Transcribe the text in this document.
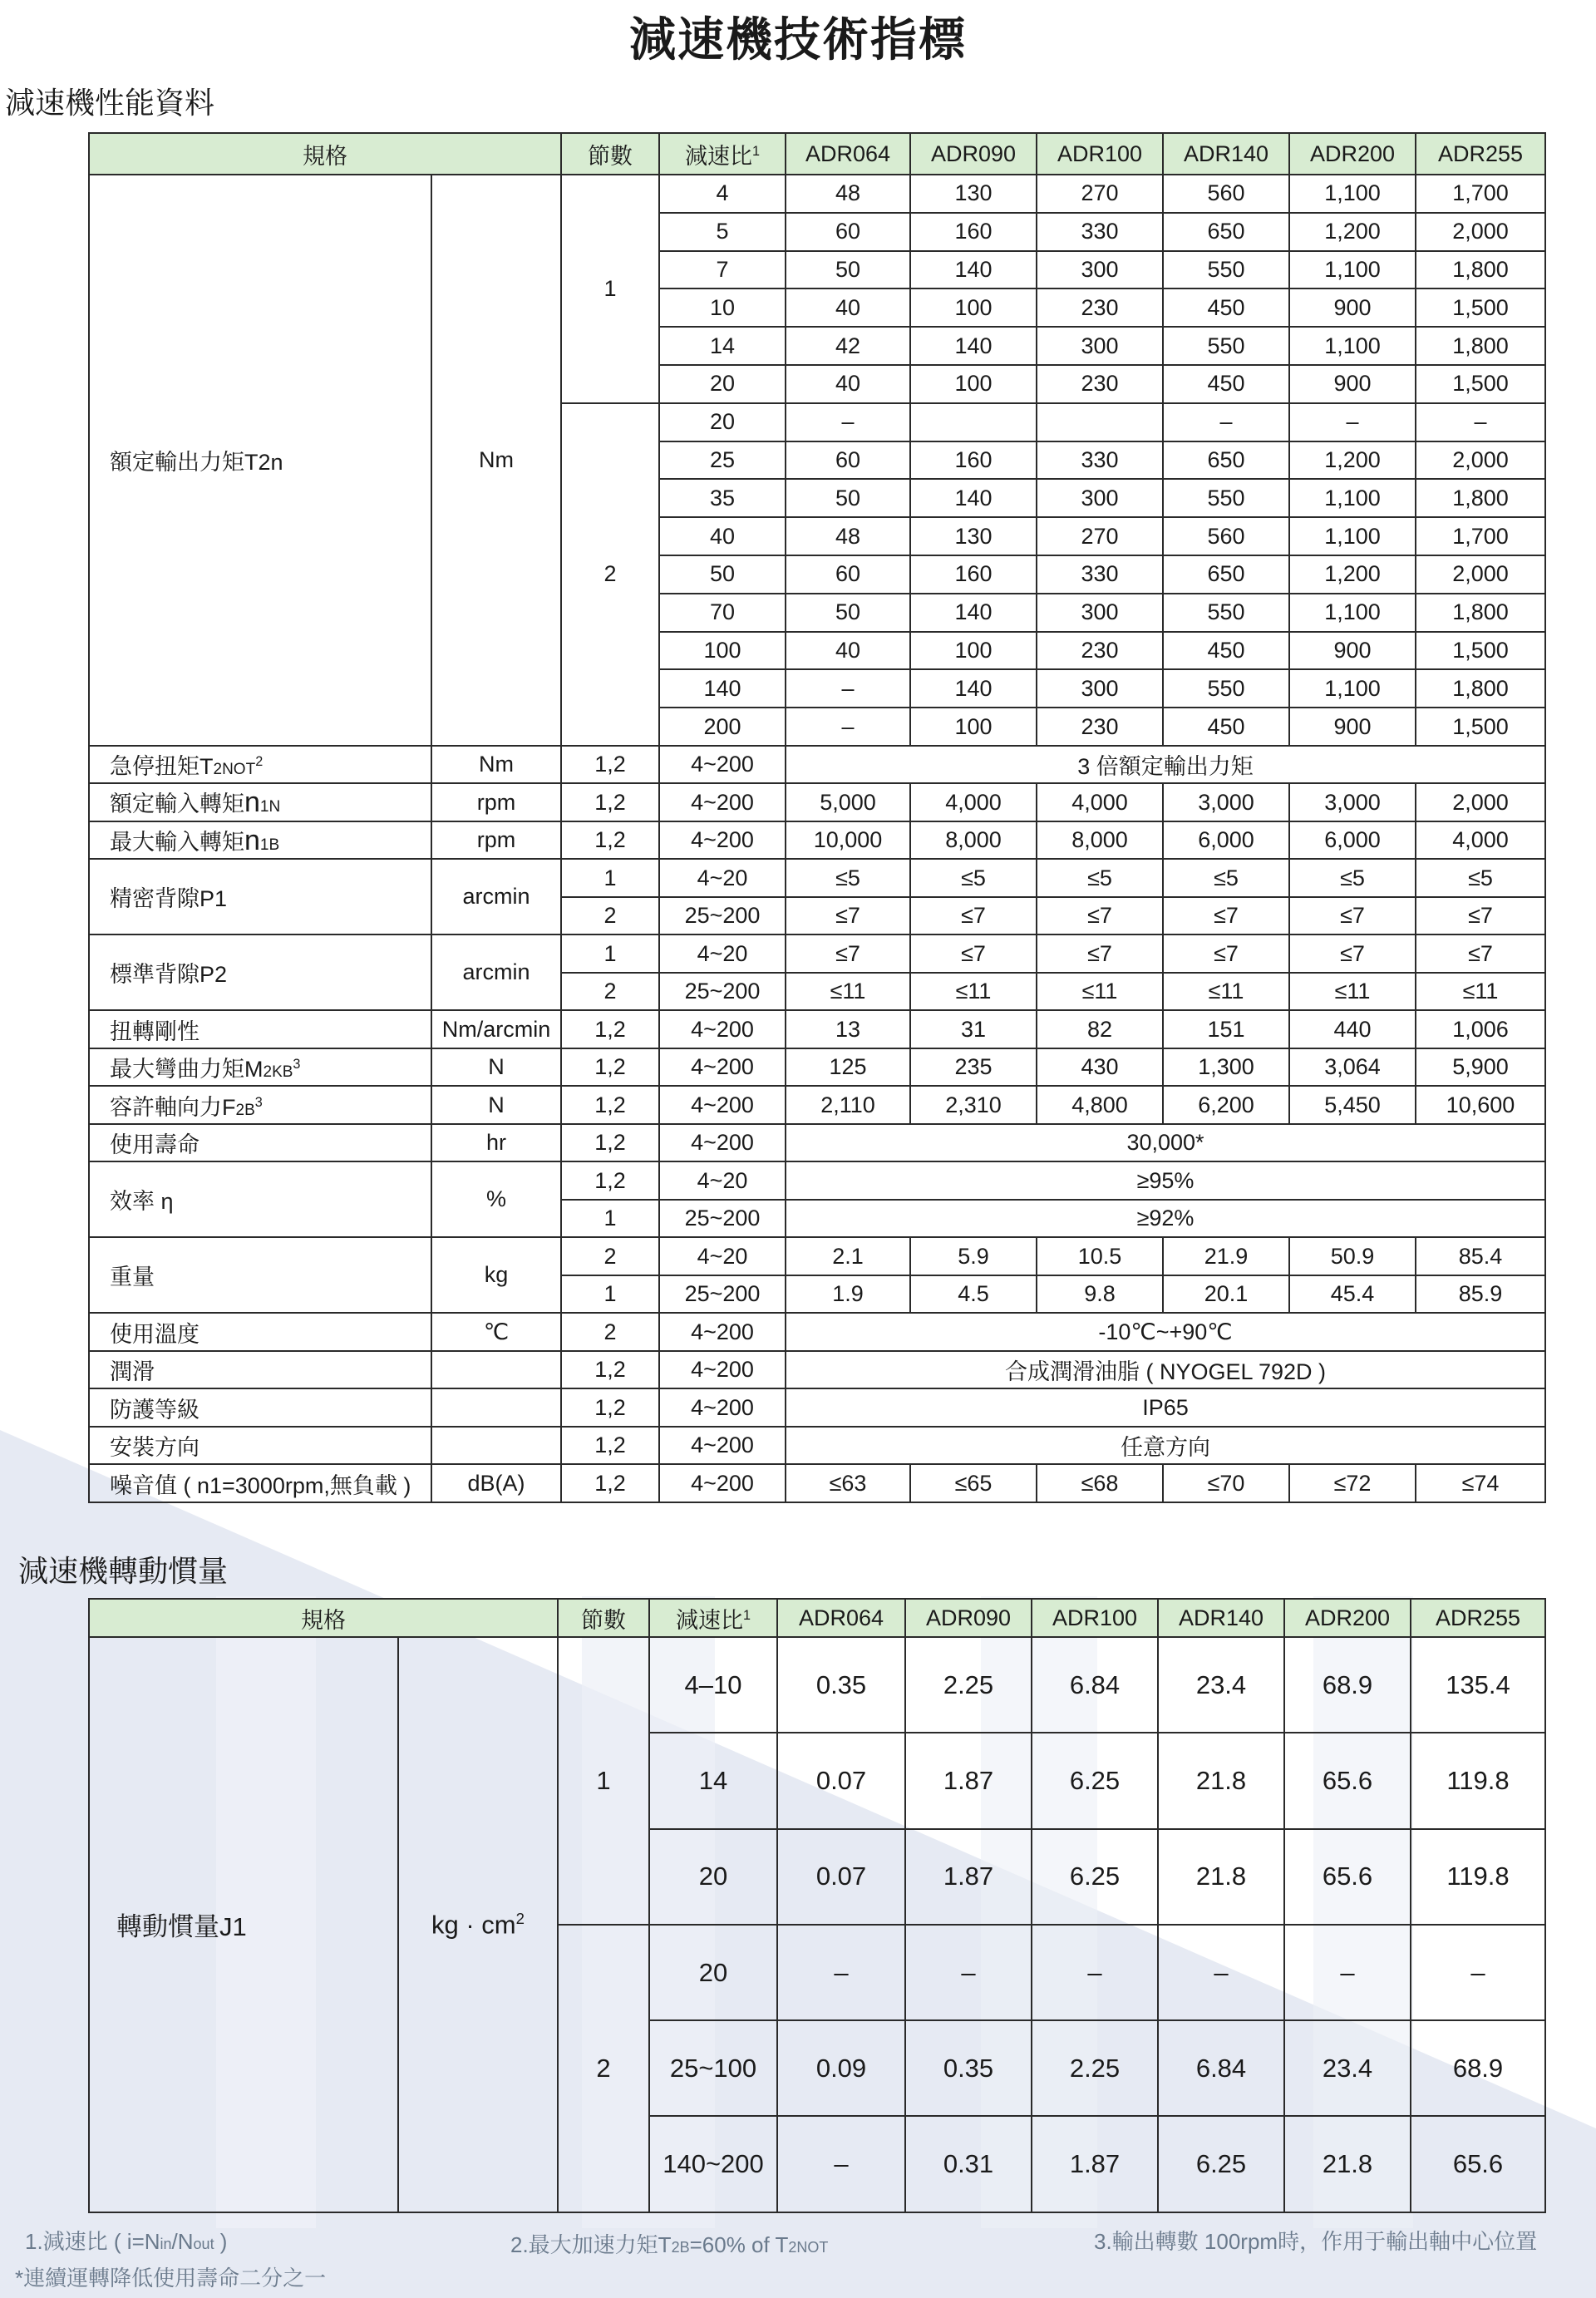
減速機技術指標
減速機性能資料
規格		節數	減速比$^1$	ADR064	ADR090	ADR100	ADR140	ADR200	ADR255
額定輸出力矩T2n	Nm	1	4	48	130	270	560	1,100	1,700
			5	60	160	330	650	1,200	2,000
			7	50	140	300	550	1,100	1,800
			10	40	100	230	450	900	1,500
			14	42	140	300	550	1,100	1,800
			20	40	100	230	450	900	1,500
		2	20	–			–	–	–
			25	60	160	330	650	1,200	2,000
			35	50	140	300	550	1,100	1,800
			40	48	130	270	560	1,100	1,700
			50	60	160	330	650	1,200	2,000
			70	50	140	300	550	1,100	1,800
			100	40	100	230	450	900	1,500
			140	–	140	300	550	1,100	1,800
			200	–	100	230	450	900	1,500
急停扭矩T2NOT$^2$	Nm	1,2	4~200	3 倍額定輸出力矩					
額定輸入轉矩n1N	rpm	1,2	4~200	5,000	4,000	4,000	3,000	3,000	2,000
最大輸入轉矩n1B	rpm	1,2	4~200	10,000	8,000	8,000	6,000	6,000	4,000
精密背隙P1	arcmin	1	4~20	≤5	≤5	≤5	≤5	≤5	≤5
		2	25~200	≤7	≤7	≤7	≤7	≤7	≤7
標準背隙P2	arcmin	1	4~20	≤7	≤7	≤7	≤7	≤7	≤7
		2	25~200	≤11	≤11	≤11	≤11	≤11	≤11
扭轉剛性	Nm/arcmin	1,2	4~200	13	31	82	151	440	1,006
最大彎曲力矩$M2KB^3$	N	1,2	4~200	125	235	430	1,300	3,064	5,900
容許軸向力$F2B^3$	N	1,2	4~200	2,110	2,310	4,800	6,200	5,450	10,600
使用壽命	hr	1,2	4~200	30,000*					
效率 η	%	1,2	4~20	≥95%					
		1	25~200	≥92%					
重量	kg	2	4~20	2.1	5.9	10.5	21.9	50.9	85.4
		1	25~200	1.9	4.5	9.8	20.1	45.4	85.9
使用溫度	℃	2	4~200	-10℃~+90℃					
潤滑		1,2	4~200	合成潤滑油脂 ( NYOGEL 792D )					
防護等級		1,2	4~200	IP65					
安裝方向		1,2	4~200	任意方向					
噪音值 ( n1=3000rpm,無負載 )	dB(A)	1,2	4~200	≤63	≤65	≤68	≤70	≤72	≤74
減速機轉動慣量
規格		節數	減速比$^1$	ADR064	ADR090	ADR100	ADR140	ADR200	ADR255
轉動慣量J1	kg · $cm^2$	1	4–10	0.35	2.25	6.84	23.4	68.9	135.4
			14	0.07	1.87	6.25	21.8	65.6	119.8
			20	0.07	1.87	6.25	21.8	65.6	119.8
		2	20	–	–	–	–	–	–
			25~100	0.09	0.35	2.25	6.84	23.4	68.9
			140~200	–	0.31	1.87	6.25	21.8	65.6
1.減速比 ( i=Nin/Nout )	2.最大加速力矩T2B=60% of T2NOT	3.輸出轉數 100rpm時，作用于輸出軸中心位置
*連續運轉降低使用壽命二分之一
